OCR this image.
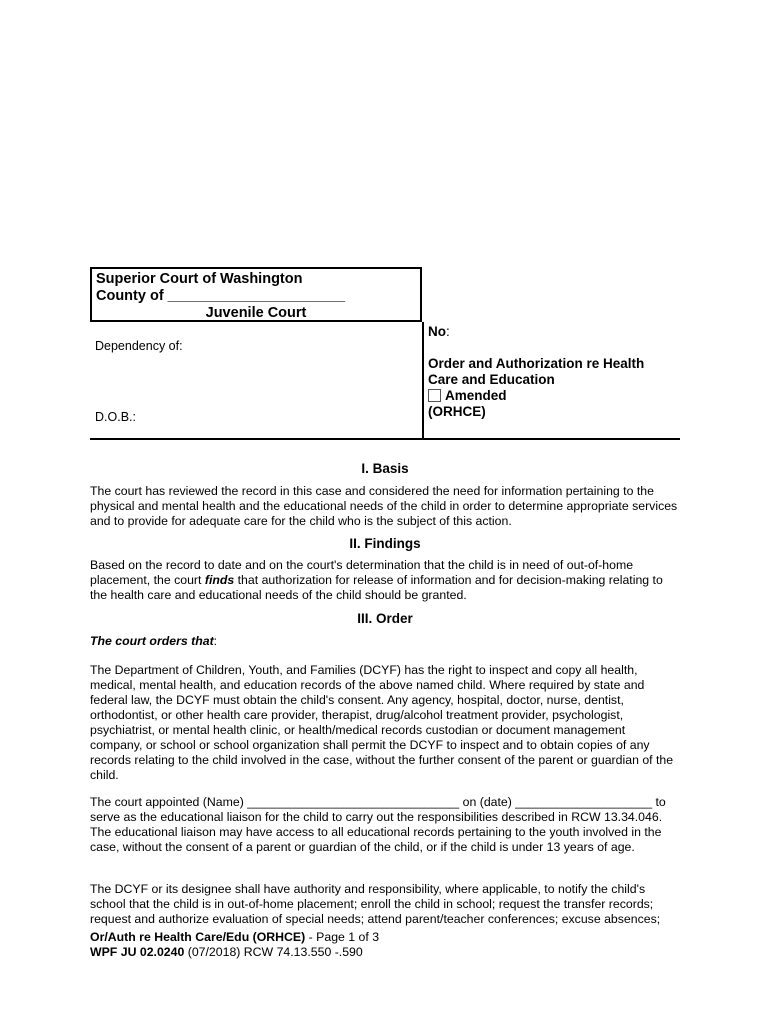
Superior Court of Washington
County of ______________________
Juvenile Court
Dependency of:
D.O.B.:
No:
Order and Authorization re Health
Care and Education
Amended
(ORHCE)
I. Basis
The court has reviewed the record in this case and considered the need for information pertaining to the physical and mental health and the educational needs of the child in order to determine appropriate services and to provide for adequate care for the child who is the subject of this action.
II. Findings
Based on the record to date and on the court's determination that the child is in need of out-of-home placement, the court finds that authorization for release of information and for decision-making relating to the health care and educational needs of the child should be granted.
III. Order
The court orders that:
The Department of Children, Youth, and Families (DCYF) has the right to inspect and copy all health, medical, mental health, and education records of the above named child. Where required by state and federal law, the DCYF must obtain the child's consent. Any agency, hospital, doctor, nurse, dentist, orthodontist, or other health care provider, therapist, drug/alcohol treatment provider, psychologist, psychiatrist, or mental health clinic, or health/medical records custodian or document management company, or school or school organization shall permit the DCYF to inspect and to obtain copies of any records relating to the child involved in the case, without the further consent of the parent or guardian of the child.
The court appointed (Name) _______________________________ on (date) ____________________ to serve as the educational liaison for the child to carry out the responsibilities described in RCW 13.34.046. The educational liaison may have access to all educational records pertaining to the youth involved in the case, without the consent of a parent or guardian of the child, or if the child is under 13 years of age.
The DCYF or its designee shall have authority and responsibility, where applicable, to notify the child's school that the child is in out-of-home placement; enroll the child in school; request the transfer records; request and authorize evaluation of special needs; attend parent/teacher conferences; excuse absences;
Or/Auth re Health Care/Edu (ORHCE) - Page 1 of 3
WPF JU 02.0240 (07/2018) RCW 74.13.550 -.590
